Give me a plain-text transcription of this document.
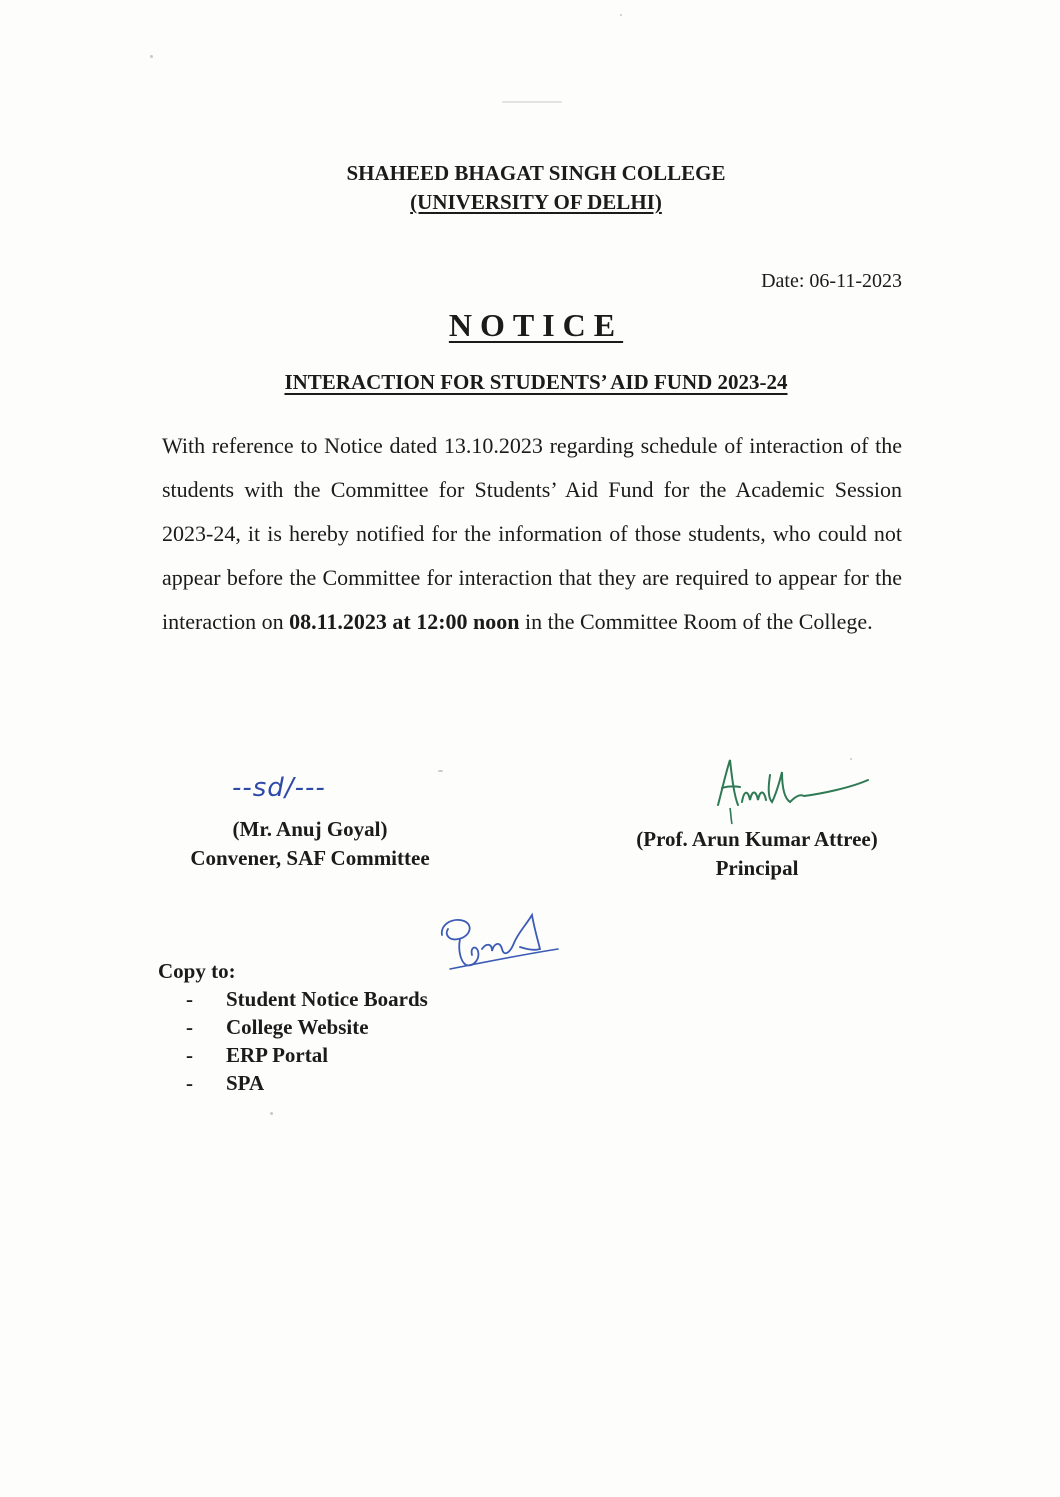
SHAHEED BHAGAT SINGH COLLEGE
(UNIVERSITY OF DELHI)
Date: 06-11-2023
NOTICE
INTERACTION FOR STUDENTS’ AID FUND 2023-24
With reference to Notice dated 13.10.2023 regarding schedule of interaction of the students with the Committee for Students’ Aid Fund for the Academic Session 2023-24, it is hereby notified for the information of those students, who could not appear before the Committee for interaction that they are required to appear for the interaction on 08.11.2023 at 12:00 noon in the Committee Room of the College.
--sd/---
(Mr. Anuj Goyal)
Convener, SAF Committee
(Prof. Arun Kumar Attree)
Principal
Copy to:
- Student Notice Boards
- College Website
- ERP Portal
- SPA
